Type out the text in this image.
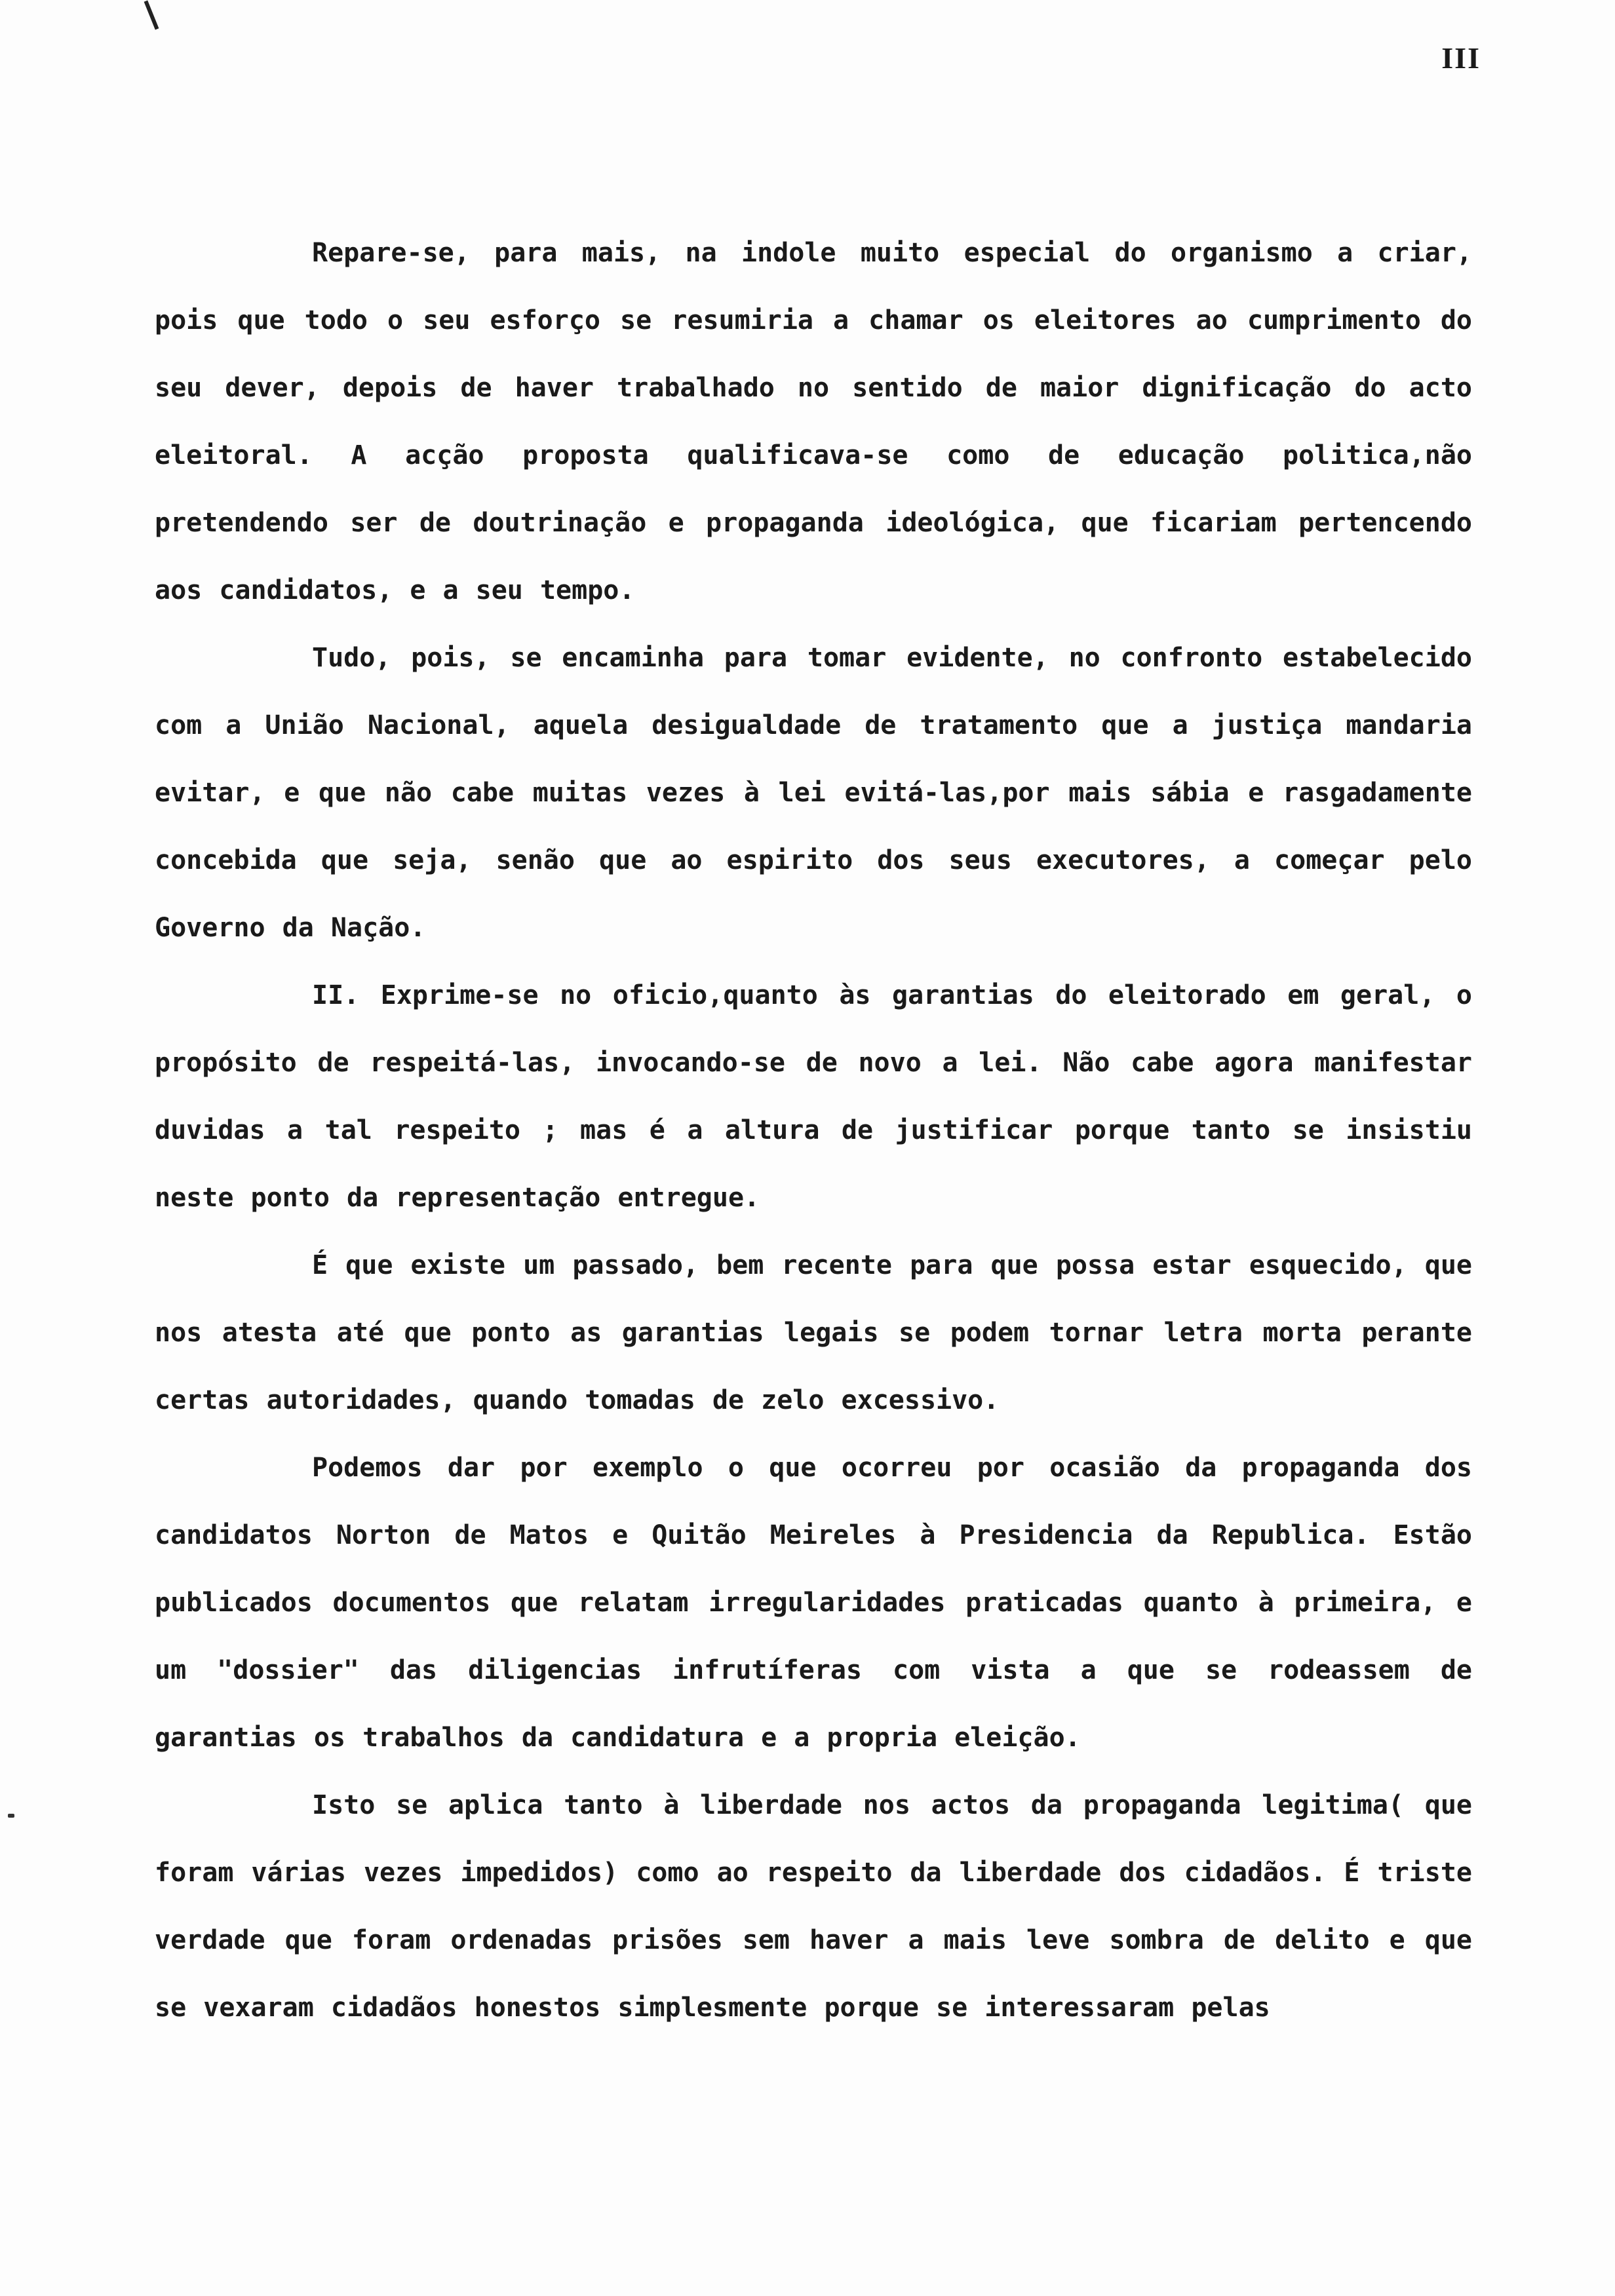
III

Repare-se, para mais, na indole muito especial do organismo a criar, pois que todo o seu esforço se resumiria a chamar os eleitores ao cumprimento do seu dever, depois de haver trabalhado no sentido de maior dignificação do acto eleitoral. A acção proposta qualificava-se como de educação politica,não pretendendo ser de doutrinação e propaganda ideológica, que ficariam pertencendo aos candidatos, e a seu tempo.

Tudo, pois, se encaminha para tomar evidente, no confronto estabelecido com a União Nacional, aquela desigualdade de tratamento que a justiça mandaria evitar, e que não cabe muitas vezes à lei evitá-las,por mais sábia e rasgadamente concebida que seja, senão que ao espirito dos seus executores, a começar pelo Governo da Nação.

II. Exprime-se no oficio,quanto às garantias do eleitorado em geral, o propósito de respeitá-las, invocando-se de novo a lei. Não cabe agora manifestar duvidas a tal respeito ; mas é a altura de justificar porque tanto se insistiu neste ponto da representação entregue.

É que existe um passado, bem recente para que possa estar esquecido, que nos atesta até que ponto as garantias legais se podem tornar letra morta perante certas autoridades, quando tomadas de zelo excessivo.

Podemos dar por exemplo o que ocorreu por ocasião da propaganda dos candidatos Norton de Matos e Quitão Meireles à Presidencia da Republica. Estão publicados documentos que relatam irregularidades praticadas quanto à primeira, e um "dossier" das diligencias infrutíferas com vista a que se rodeassem de garantias os trabalhos da candidatura e a propria eleição.

Isto se aplica tanto à liberdade nos actos da propaganda legitima( que foram várias vezes impedidos) como ao respeito da liberdade dos cidadãos. É triste verdade que foram ordenadas prisões sem haver a mais leve sombra de delito e que se vexaram cidadãos honestos simplesmente porque se interessaram pelas
